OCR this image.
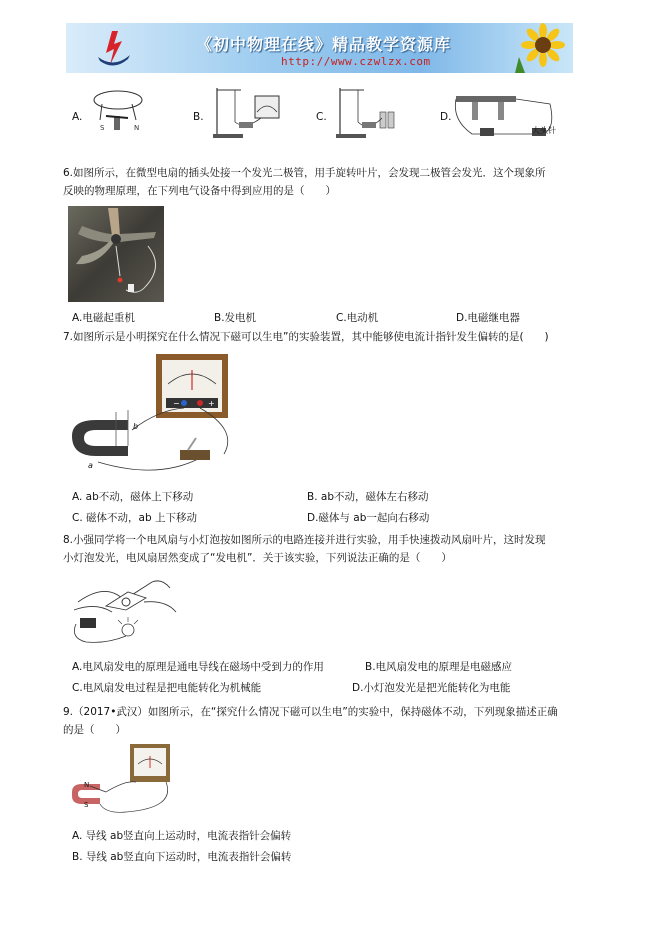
《初中物理在线》精品教学资源库
http://www.czwlzx.com
A.
S	N
B.	C.	D.
大头针
6.如图所示，在微型电扇的插头处接一个发光二极管，用手旋转叶片，会发现二极管会发光．这个现象所
反映的物理原理，在下列电气设备中得到应用的是（　　）
A.电磁起重机	B.发电机	C.电动机	D.电磁继电器
7.如图所示是小明探究在什么情况下磁可以生电”的实验装置，其中能够使电流计指针发生偏转的是(　　)
b
a
−	+
A. ab不动，磁体上下移动	B. ab不动，磁体左右移动
C. 磁体不动，ab 上下移动	D.磁体与 ab一起向右移动
8.小强同学将一个电风扇与小灯泡按如图所示的电路连接并进行实验，用手快速拨动风扇叶片，这时发现
小灯泡发光，电风扇居然变成了“发电机”．关于该实验，下列说法正确的是（　　）
A.电风扇发电的原理是通电导线在磁场中受到力的作用	B.电风扇发电的原理是电磁感应
C.电风扇发电过程是把电能转化为机械能	D.小灯泡发光是把光能转化为电能
9.（2017•武汉）如图所示，在“探究什么情况下磁可以生电”的实验中，保持磁体不动，下列现象描述正确
的是（　　）
N
S
A. 导线 ab竖直向上运动时，电流表指针会偏转
B. 导线 ab竖直向下运动时，电流表指针会偏转
